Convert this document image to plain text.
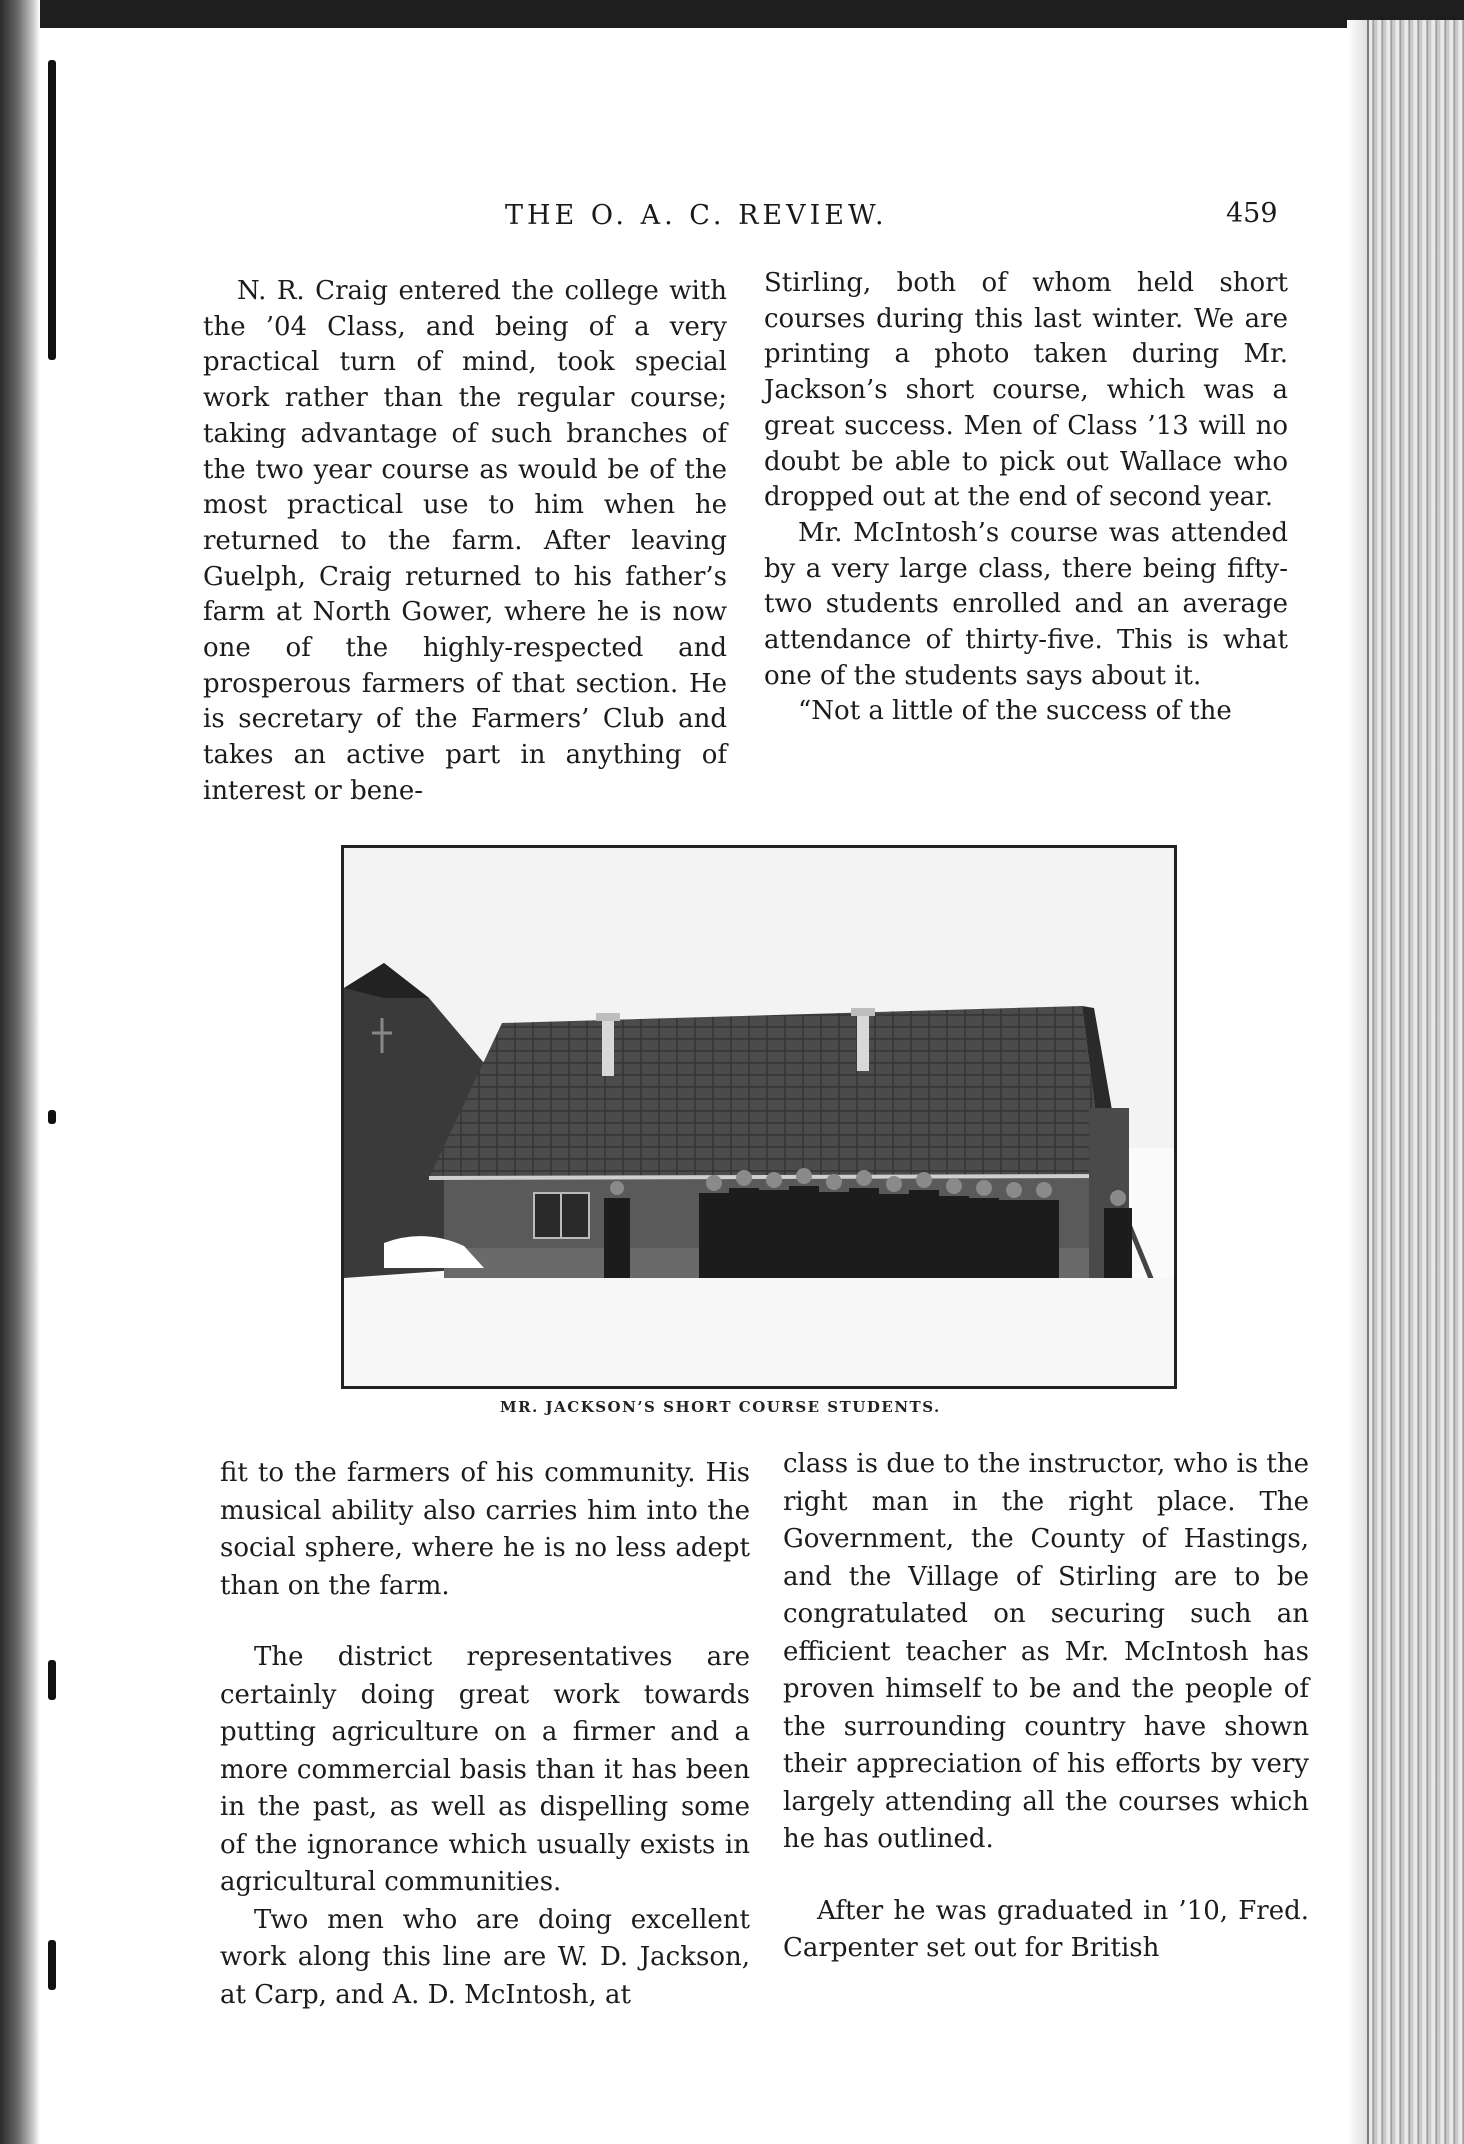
THE O. A. C. REVIEW.	459

N. R. Craig entered the college with the ’04 Class, and being of a very practical turn of mind, took special work rather than the regular course; taking advantage of such branches of the two year course as would be of the most practical use to him when he returned to the farm. After leaving Guelph, Craig returned to his father’s farm at North Gower, where he is now one of the highly-respected and prosperous farmers of that section. He is secretary of the Farmers’ Club and takes an active part in anything of interest or bene-

Stirling, both of whom held short courses during this last winter. We are printing a photo taken during Mr. Jackson’s short course, which was a great success. Men of Class ’13 will no doubt be able to pick out Wallace who dropped out at the end of second year.

Mr. McIntosh’s course was attended by a very large class, there being fifty-two students enrolled and an average attendance of thirty-five. This is what one of the students says about it.

“Not a little of the success of the

MR. JACKSON’S SHORT COURSE STUDENTS.

fit to the farmers of his community. His musical ability also carries him into the social sphere, where he is no less adept than on the farm.

The district representatives are certainly doing great work towards putting agriculture on a firmer and a more commercial basis than it has been in the past, as well as dispelling some of the ignorance which usually exists in agricultural communities.

Two men who are doing excellent work along this line are W. D. Jackson, at Carp, and A. D. McIntosh, at

class is due to the instructor, who is the right man in the right place. The Government, the County of Hastings, and the Village of Stirling are to be congratulated on securing such an efficient teacher as Mr. McIntosh has proven himself to be and the people of the surrounding country have shown their appreciation of his efforts by very largely attending all the courses which he has outlined.

After he was graduated in ’10, Fred. Carpenter set out for British
